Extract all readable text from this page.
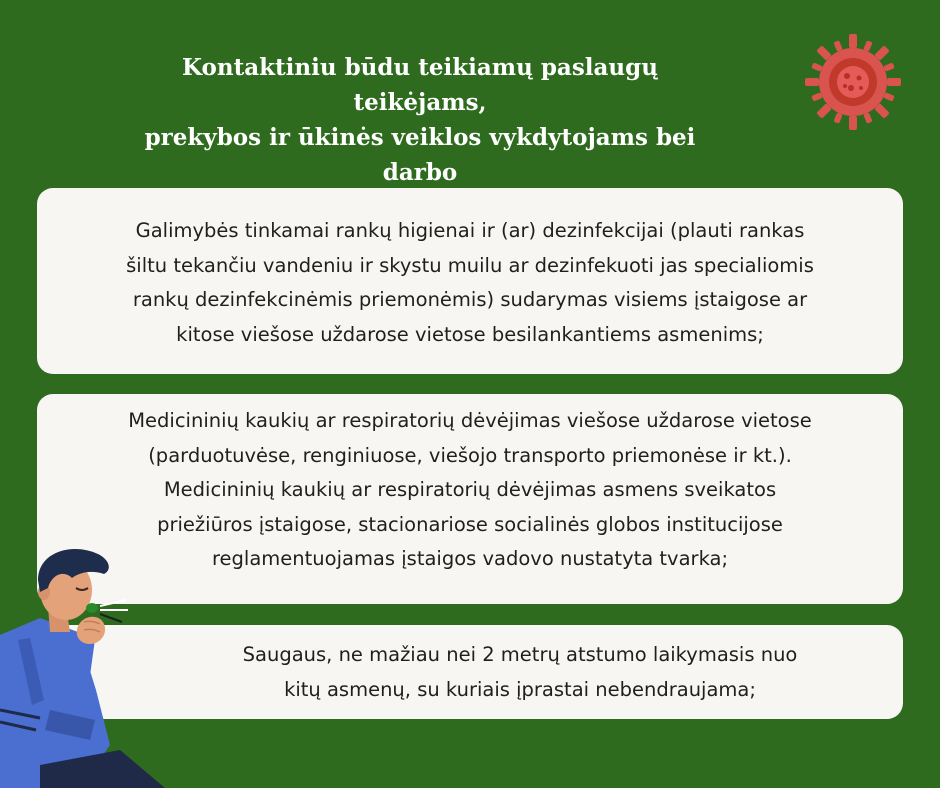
Kontaktiniu būdu teikiamų paslaugų teikėjams,
prekybos ir ūkinės veiklos vykdytojams bei darbo

Galimybės tinkamai rankų higienai ir (ar) dezinfekcijai (plauti rankas

šiltu tekančiu vandeniu ir skystu muilu ar dezinfekuoti jas specialiomis

rankų dezinfekcinėmis priemonėmis) sudarymas visiems įstaigose ar

kitose viešose uždarose vietose besilankantiems asmenims;

Medicininių kaukių ar respiratorių dėvėjimas viešose uždarose vietose

(parduotuvėse, renginiuose, viešojo transporto priemonėse ir kt.).

Medicininių kaukių ar respiratorių dėvėjimas asmens sveikatos

priežiūros įstaigose, stacionariose socialinės globos institucijose

reglamentuojamas įstaigos vadovo nustatyta tvarka;

Saugaus, ne mažiau nei 2 metrų atstumo laikymasis nuo

kitų asmenų, su kuriais įprastai nebendraujama;
